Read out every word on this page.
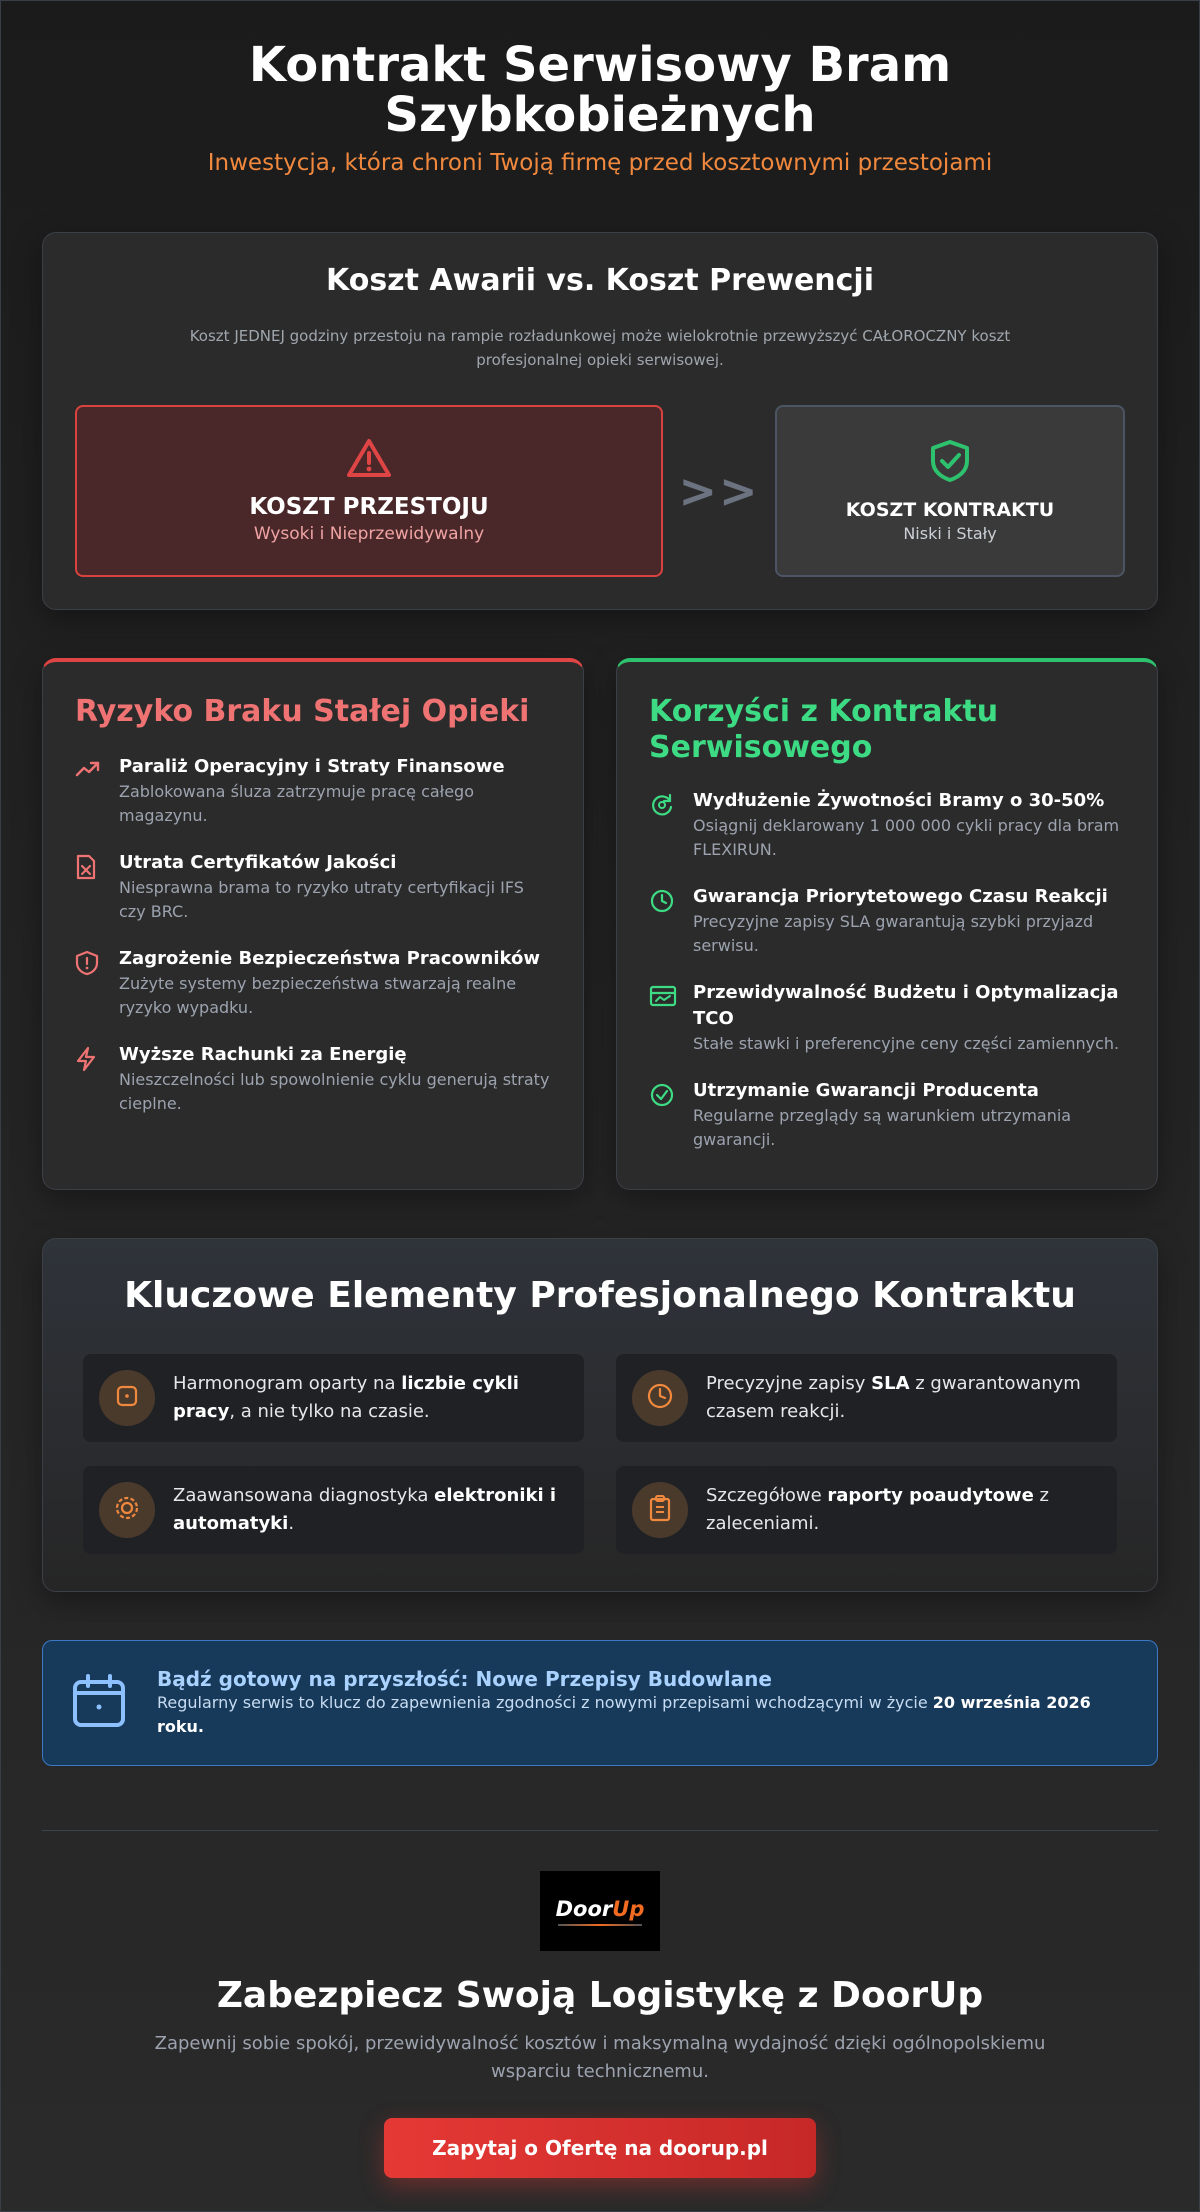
Kontrakt Serwisowy Bram Szybkobieżnych
Inwestycja, która chroni Twoją firmę przed kosztownymi przestojami
Koszt Awarii vs. Koszt Prewencji

Koszt JEDNEJ godziny przestoju na rampie rozładunkowej może wielokrotnie przewyższyć CAŁOROCZNY koszt profesjonalnej opieki serwisowej.

KOSZT PRZESTOJU
Wysoki i Nieprzewidywalny
>>	KOSZT KONTRAKTU
Niski i Stały
Ryzyko Braku Stałej Opieki
Paraliż Operacyjny i Straty Finansowe
Zablokowana śluza zatrzymuje pracę całego magazynu.
Utrata Certyfikatów Jakości
Niesprawna brama to ryzyko utraty certyfikacji IFS czy BRC.
Zagrożenie Bezpieczeństwa Pracowników
Zużyte systemy bezpieczeństwa stwarzają realne ryzyko wypadku.
Wyższe Rachunki za Energię
Nieszczelności lub spowolnienie cyklu generują straty cieplne.
Korzyści z Kontraktu Serwisowego
Wydłużenie Żywotności Bramy o 30-50%
Osiągnij deklarowany 1 000 000 cykli pracy dla bram FLEXIRUN.
Gwarancja Priorytetowego Czasu Reakcji
Precyzyjne zapisy SLA gwarantują szybki przyjazd serwisu.
Przewidywalność Budżetu i Optymalizacja TCO
Stałe stawki i preferencyjne ceny części zamiennych.
Utrzymanie Gwarancji Producenta
Regularne przeglądy są warunkiem utrzymania gwarancji.
Kluczowe Elementy Profesjonalnego Kontraktu
Harmonogram oparty na liczbie cykli pracy, a nie tylko na czasie.
Precyzyjne zapisy SLA z gwarantowanym czasem reakcji.
Zaawansowana diagnostyka elektroniki i automatyki.
Szczegółowe raporty poaudytowe z zaleceniami.
Bądź gotowy na przyszłość: Nowe Przepisy Budowlane
Regularny serwis to klucz do zapewnienia zgodności z nowymi przepisami wchodzącymi w życie 20 września 2026 roku.
DoorUp
Zabezpiecz Swoją Logistykę z DoorUp

Zapewnij sobie spokój, przewidywalność kosztów i maksymalną wydajność dzięki ogólnopolskiemu wsparciu technicznemu.

Zapytaj o Ofertę na doorup.pl
